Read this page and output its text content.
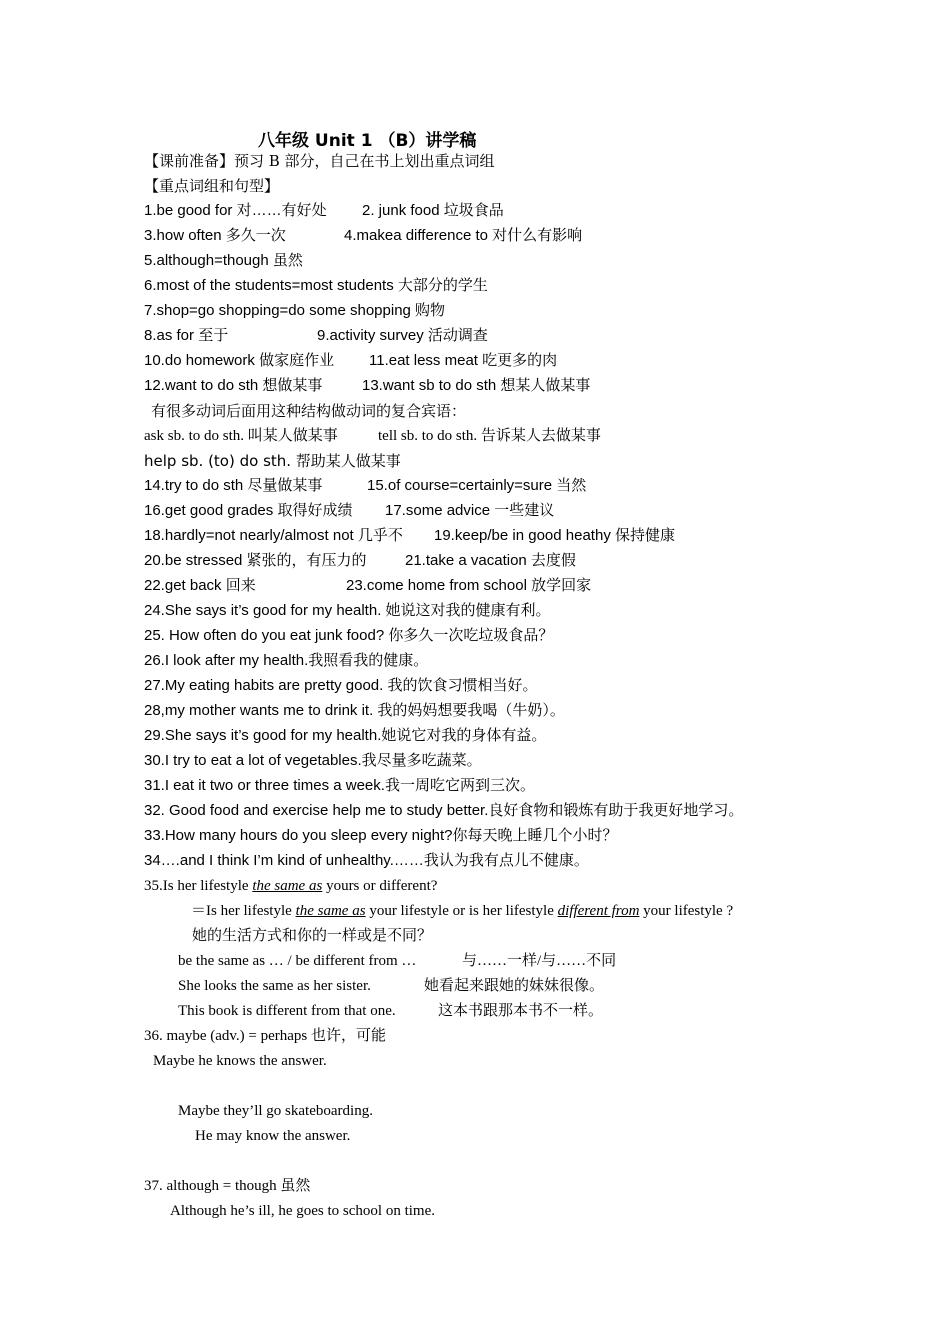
八年级 Unit 1 （B）讲学稿
【课前准备】预习 B 部分，自己在书上划出重点词组
【重点词组和句型】
1.be good for 对……有好处 2. junk food 垃圾食品
3.how often 多久一次	4.makea difference to 对什么有影响
5.although=though 虽然
6.most of the students=most students 大部分的学生
7.shop=go shopping=do some shopping 购物
8.as for 至于	9.activity survey 活动调查
10.do homework 做家庭作业 11.eat less meat 吃更多的肉
12.want to do sth 想做某事	13.want sb to do sth 想某人做某事
有很多动词后面用这种结构做动词的复合宾语：
ask sb. to do sth. 叫某人做某事	tell sb. to do sth. 告诉某人去做某事
help sb. (to) do sth. 帮助某人做某事
14.try to do sth 尽量做某事	15.of course=certainly=sure 当然
16.get good grades 取得好成绩 17.some advice 一些建议
18.hardly=not nearly/almost not 几乎不 19.keep/be in good heathy 保持健康
20.be stressed 紧张的，有压力的	21.take a vacation 去度假
22.get back 回来	23.come home from school 放学回家
24.She says it’s good for my health. 她说这对我的健康有利。
25. How often do you eat junk food? 你多久一次吃垃圾食品？
26.I look after my health.我照看我的健康。
27.My eating habits are pretty good. 我的饮食习惯相当好。
28,my mother wants me to drink it. 我的妈妈想要我喝（牛奶）。
29.She says it’s good for my health.她说它对我的身体有益。
30.I try to eat a lot of vegetables.我尽量多吃蔬菜。
31.I eat it two or three times a week.我一周吃它两到三次。
32. Good food and exercise help me to study better.良好食物和锻炼有助于我更好地学习。
33.How many hours do you sleep every night?你每天晚上睡几个小时？
34….and I think I’m kind of unhealthy.……我认为我有点儿不健康。
35.Is her lifestyle the same as yours or different?
＝Is her lifestyle the same as your lifestyle or is her lifestyle different from your lifestyle ?
她的生活方式和你的一样或是不同？
be the same as … / be different from …	与……一样/与……不同
She looks the same as her sister.	她看起来跟她的妹妹很像。
This book is different from that one.	这本书跟那本书不一样。
36. maybe (adv.) = perhaps 也许，可能
Maybe he knows the answer.
Maybe they’ll go skateboarding.
He may know the answer.
37. although = though 虽然
Although he’s ill, he goes to school on time.
